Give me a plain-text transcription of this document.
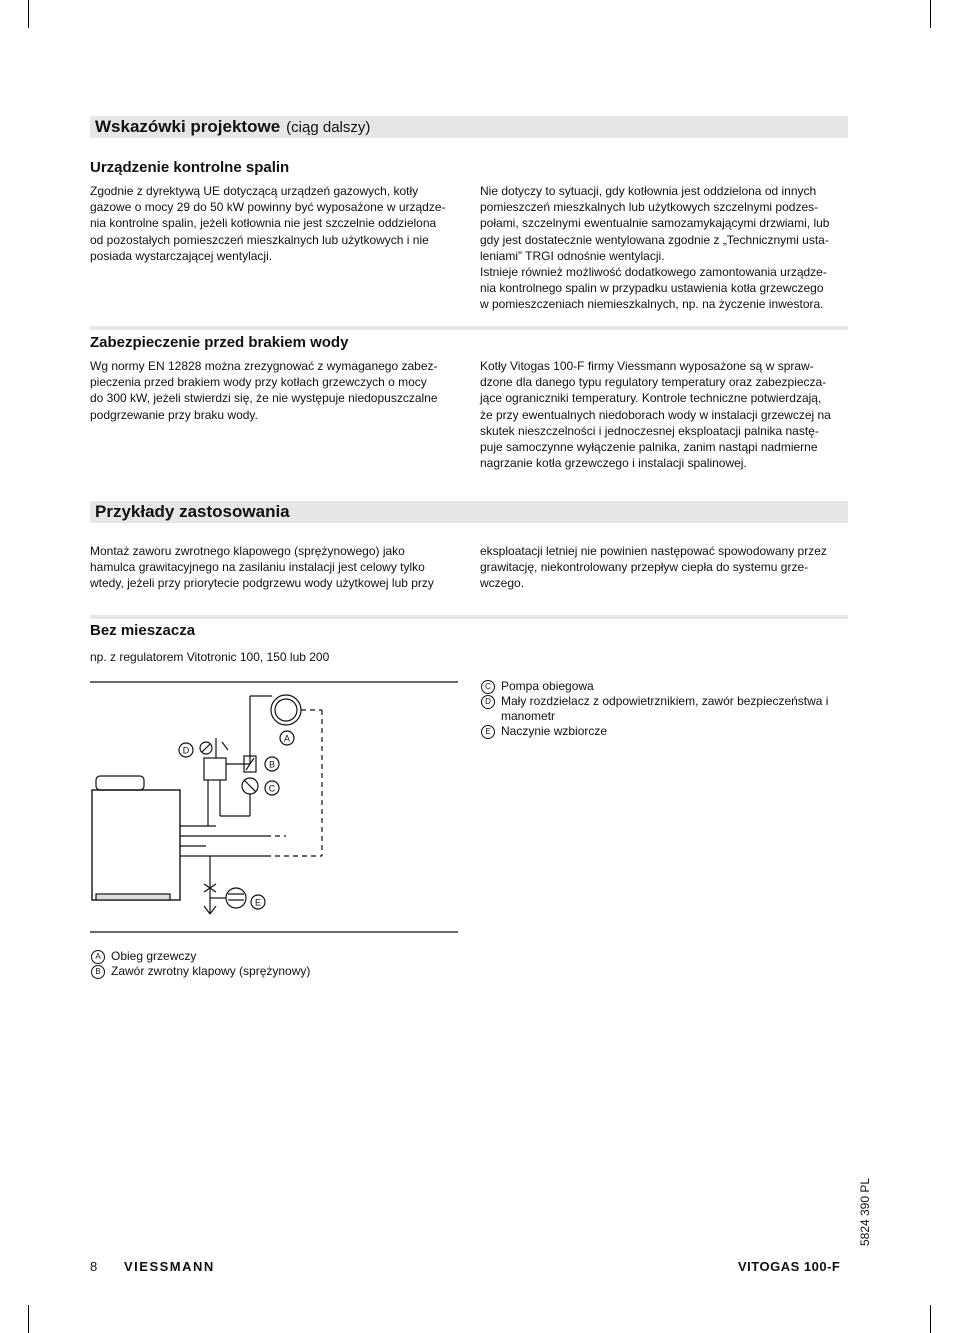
Wskazówki projektowe (ciąg dalszy)
Urządzenie kontrolne spalin
Zgodnie z dyrektywą UE dotyczącą urządzeń gazowych, kotły
gazowe o mocy 29 do 50 kW powinny być wyposażone w urządze-
nia kontrolne spalin, jeżeli kotłownia nie jest szczelnie oddzielona
od pozostałych pomieszczeń mieszkalnych lub użytkowych i nie
posiada wystarczającej wentylacji.
Nie dotyczy to sytuacji, gdy kotłownia jest oddzielona od innych
pomieszczeń mieszkalnych lub użytkowych szczelnymi podzes-
połami, szczelnymi ewentualnie samozamykającymi drzwiami, lub
gdy jest dostatecznie wentylowana zgodnie z „Technicznymi usta-
leniami” TRGI odnośnie wentylacji.
Istnieje również możliwość dodatkowego zamontowania urządze-
nia kontrolnego spalin w przypadku ustawienia kotła grzewczego
w pomieszczeniach niemieszkalnych, np. na życzenie inwestora.
Zabezpieczenie przed brakiem wody
Wg normy EN 12828 można zrezygnować z wymaganego zabez-
pieczenia przed brakiem wody przy kotłach grzewczych o mocy
do 300 kW, jeżeli stwierdzi się, że nie występuje niedopuszczalne
podgrzewanie przy braku wody.
Kotły Vitogas 100-F firmy Viessmann wyposażone są w spraw-
dzone dla danego typu regulatory temperatury oraz zabezpiecza-
jące ograniczniki temperatury. Kontrole techniczne potwierdzają,
że przy ewentualnych niedoborach wody w instalacji grzewczej na
skutek nieszczelności i jednoczesnej eksploatacji palnika nastę-
puje samoczynne wyłączenie palnika, zanim nastąpi nadmierne
nagrzanie kotła grzewczego i instalacji spalinowej.
Przykłady zastosowania
Montaż zaworu zwrotnego klapowego (sprężynowego) jako
hamulca grawitacyjnego na zasilaniu instalacji jest celowy tylko
wtedy, jeżeli przy priorytecie podgrzewu wody użytkowej lub przy
eksploatacji letniej nie powinien następować spowodowany przez
grawitację, niekontrolowany przepływ ciepła do systemu grze-
wczego.
Bez mieszacza
np. z regulatorem Vitotronic 100, 150 lub 200
D
A
B
C
E
C Pompa obiegowa
D Mały rozdzielacz z odpowietrznikiem, zawór bezpieczeństwa i
manometr
E Naczynie wzbiorcze
A Obieg grzewczy
B Zawór zwrotny klapowy (sprężynowy)
8 VIESSMANN	VITOGAS 100-F
5824 390 PL
